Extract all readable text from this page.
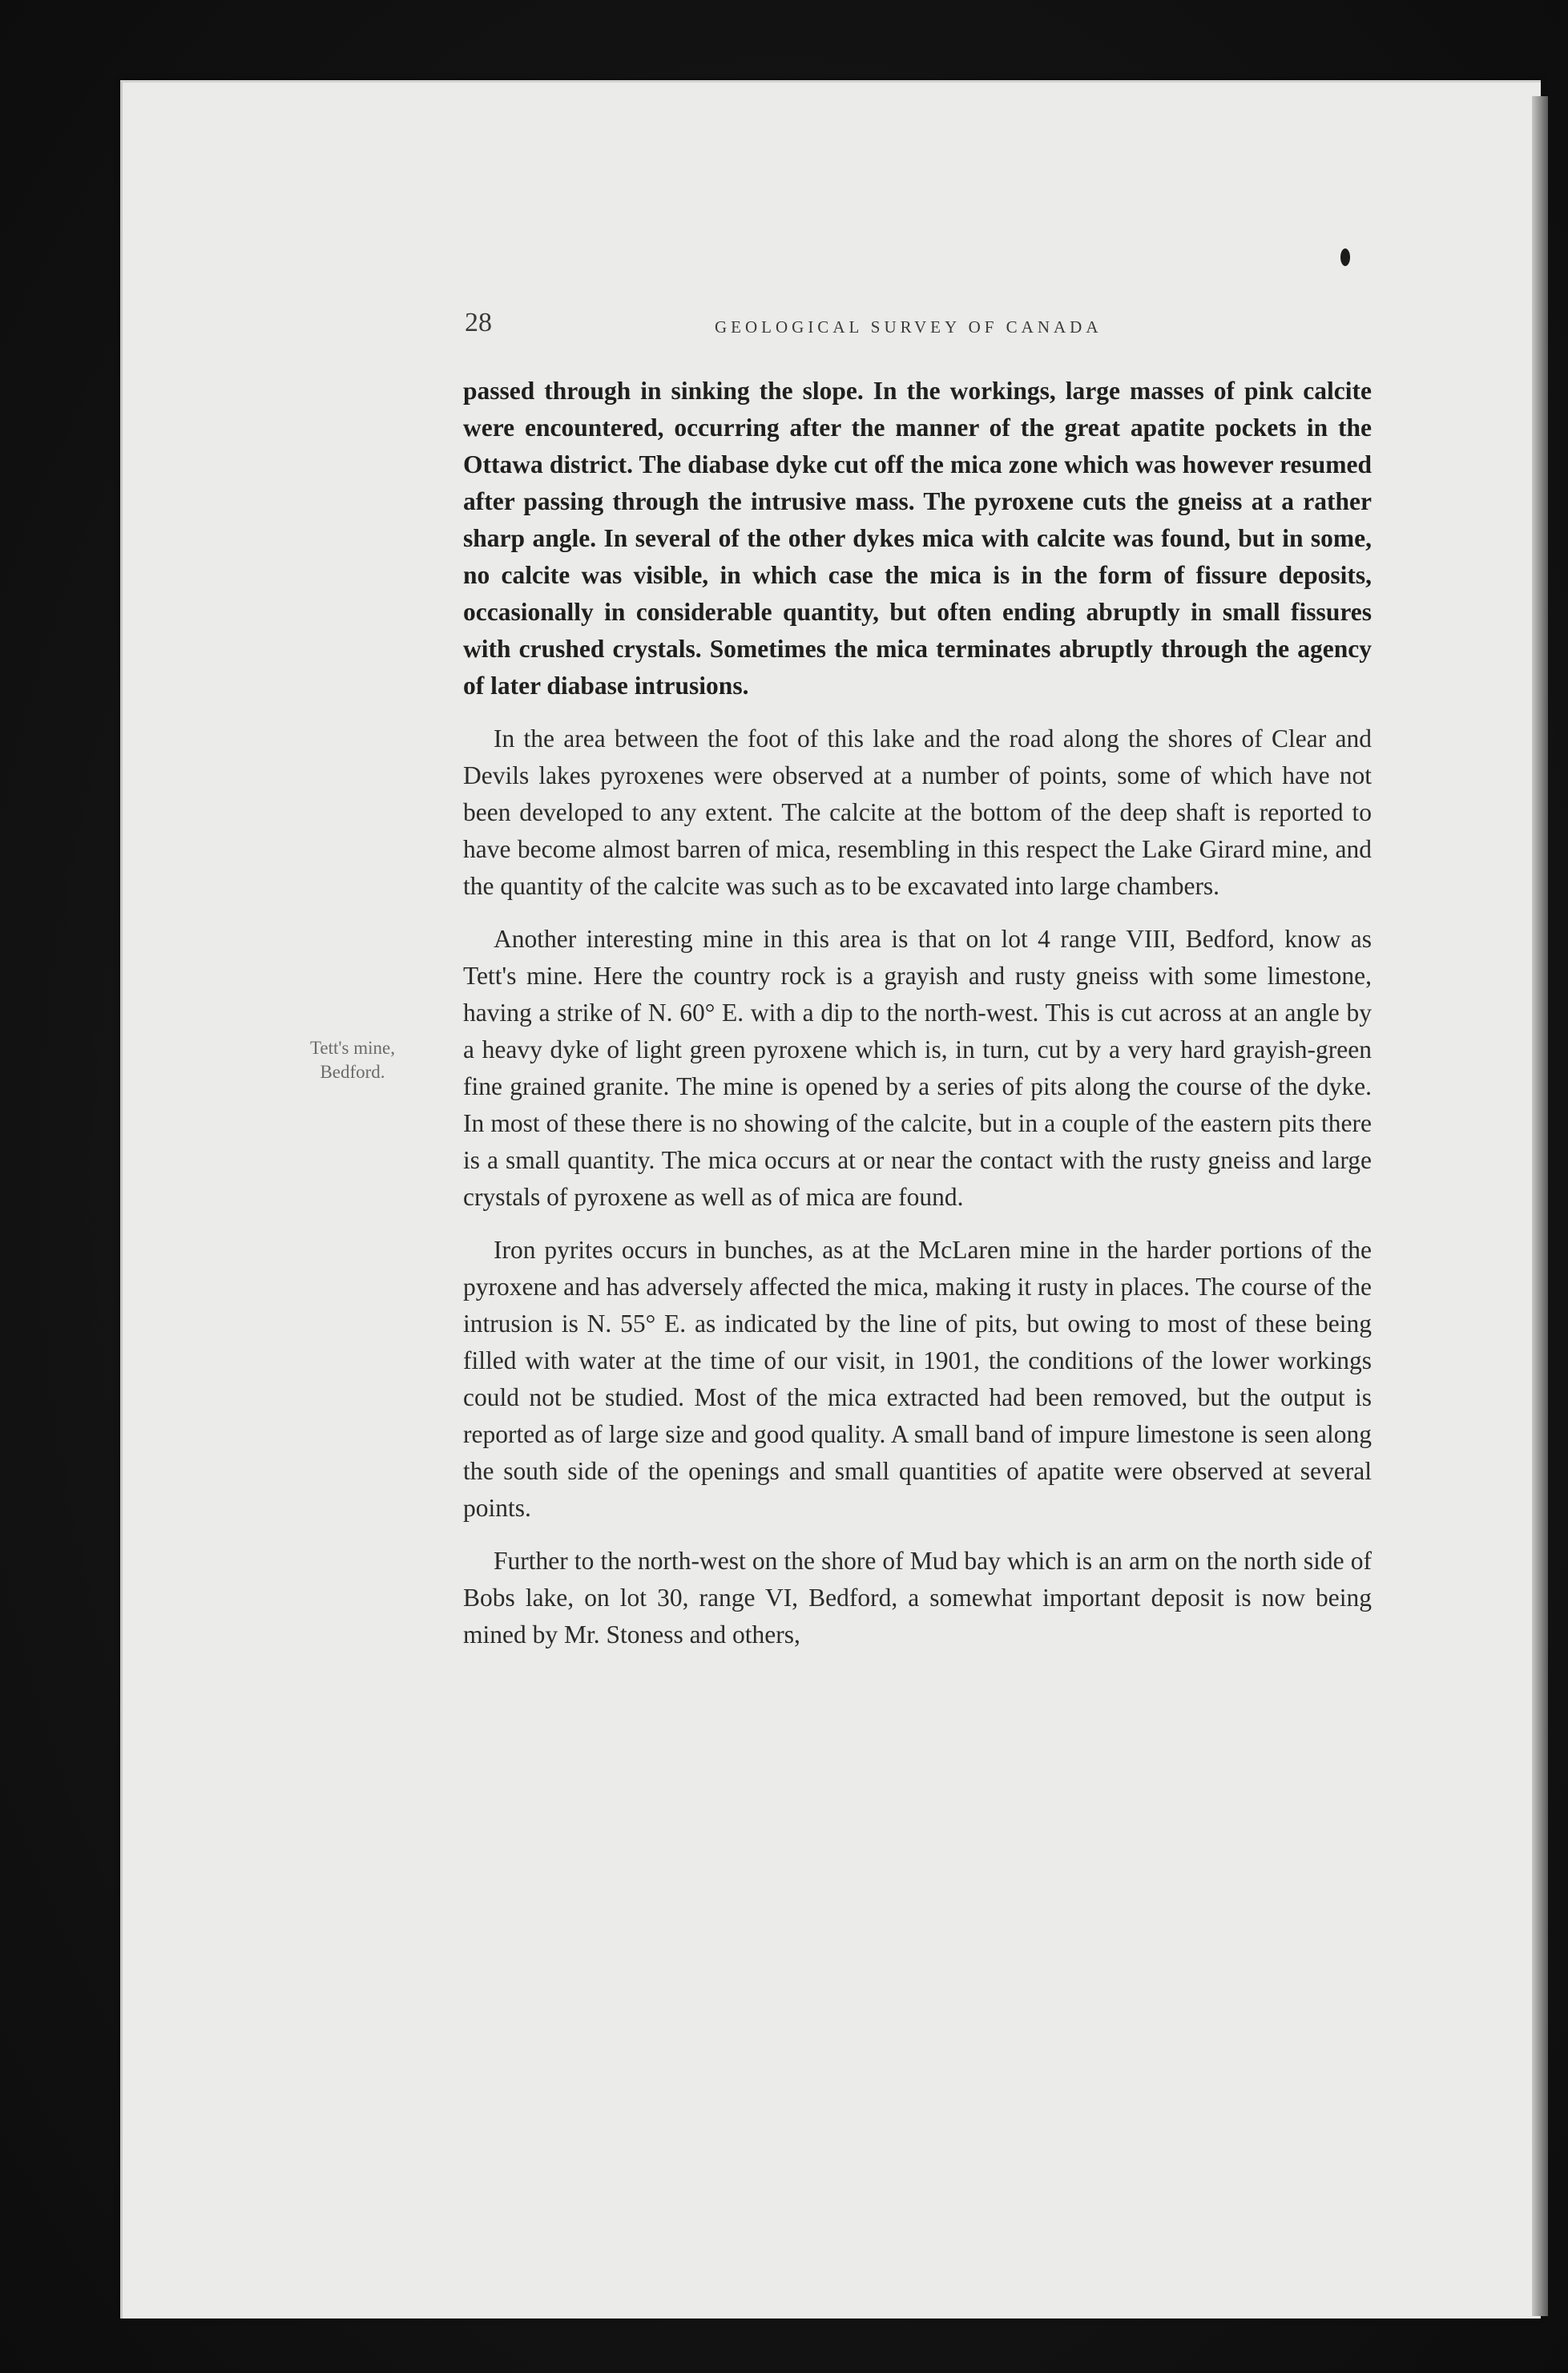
28	GEOLOGICAL SURVEY OF CANADA
Tett's mine,
Bedford.

passed through in sinking the slope. In the workings, large masses of pink calcite were encountered, occurring after the manner of the great apatite pockets in the Ottawa district. The diabase dyke cut off the mica zone which was however resumed after passing through the intrusive mass. The pyroxene cuts the gneiss at a rather sharp angle. In several of the other dykes mica with calcite was found, but in some, no calcite was visible, in which case the mica is in the form of fissure deposits, occasionally in considerable quantity, but often ending abruptly in small fissures with crushed crystals. Sometimes the mica terminates abruptly through the agency of later diabase intrusions.

In the area between the foot of this lake and the road along the shores of Clear and Devils lakes pyroxenes were observed at a number of points, some of which have not been developed to any extent. The calcite at the bottom of the deep shaft is reported to have become almost barren of mica, resembling in this respect the Lake Girard mine, and the quantity of the calcite was such as to be excavated into large chambers.

Another interesting mine in this area is that on lot 4 range VIII, Bedford, know as Tett's mine. Here the country rock is a grayish and rusty gneiss with some limestone, having a strike of N. 60° E. with a dip to the north-west. This is cut across at an angle by a heavy dyke of light green pyroxene which is, in turn, cut by a very hard grayish-green fine grained granite. The mine is opened by a series of pits along the course of the dyke. In most of these there is no showing of the calcite, but in a couple of the eastern pits there is a small quantity. The mica occurs at or near the contact with the rusty gneiss and large crystals of pyroxene as well as of mica are found.

Iron pyrites occurs in bunches, as at the McLaren mine in the harder portions of the pyroxene and has adversely affected the mica, making it rusty in places. The course of the intrusion is N. 55° E. as indicated by the line of pits, but owing to most of these being filled with water at the time of our visit, in 1901, the conditions of the lower workings could not be studied. Most of the mica extracted had been removed, but the output is reported as of large size and good quality. A small band of impure limestone is seen along the south side of the openings and small quantities of apatite were observed at several points.

Further to the north-west on the shore of Mud bay which is an arm on the north side of Bobs lake, on lot 30, range VI, Bedford, a somewhat important deposit is now being mined by Mr. Stoness and others,
